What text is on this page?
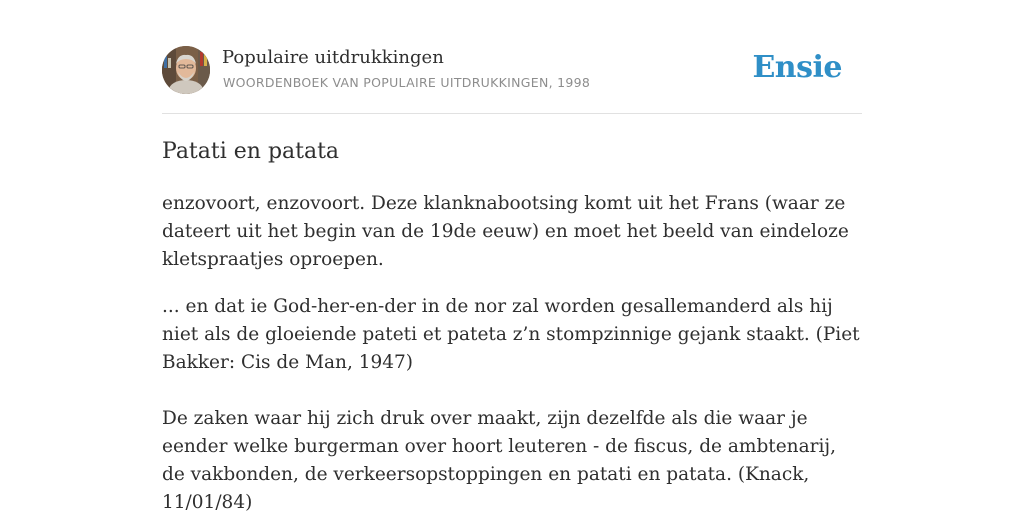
Populaire uitdrukkingen
WOORDENBOEK VAN POPULAIRE UITDRUKKINGEN, 1998	Ensie
Patati en patata

enzovoort, enzovoort. Deze klanknabootsing komt uit het Frans (waar ze dateert uit het begin van de 19de eeuw) en moet het beeld van eindeloze kletspraatjes oproepen.

... en dat ie God-her-en-der in de nor zal worden gesallemanderd als hij niet als de gloeiende pateti et pateta z’n stompzinnige gejank staakt. (Piet Bakker: Cis de Man, 1947)

De zaken waar hij zich druk over maakt, zijn dezelfde als die waar je eender welke burgerman over hoort leuteren - de fiscus, de ambtenarij, de vakbonden, de verkeersopstoppingen en patati en patata. (Knack, 11/01/84)
